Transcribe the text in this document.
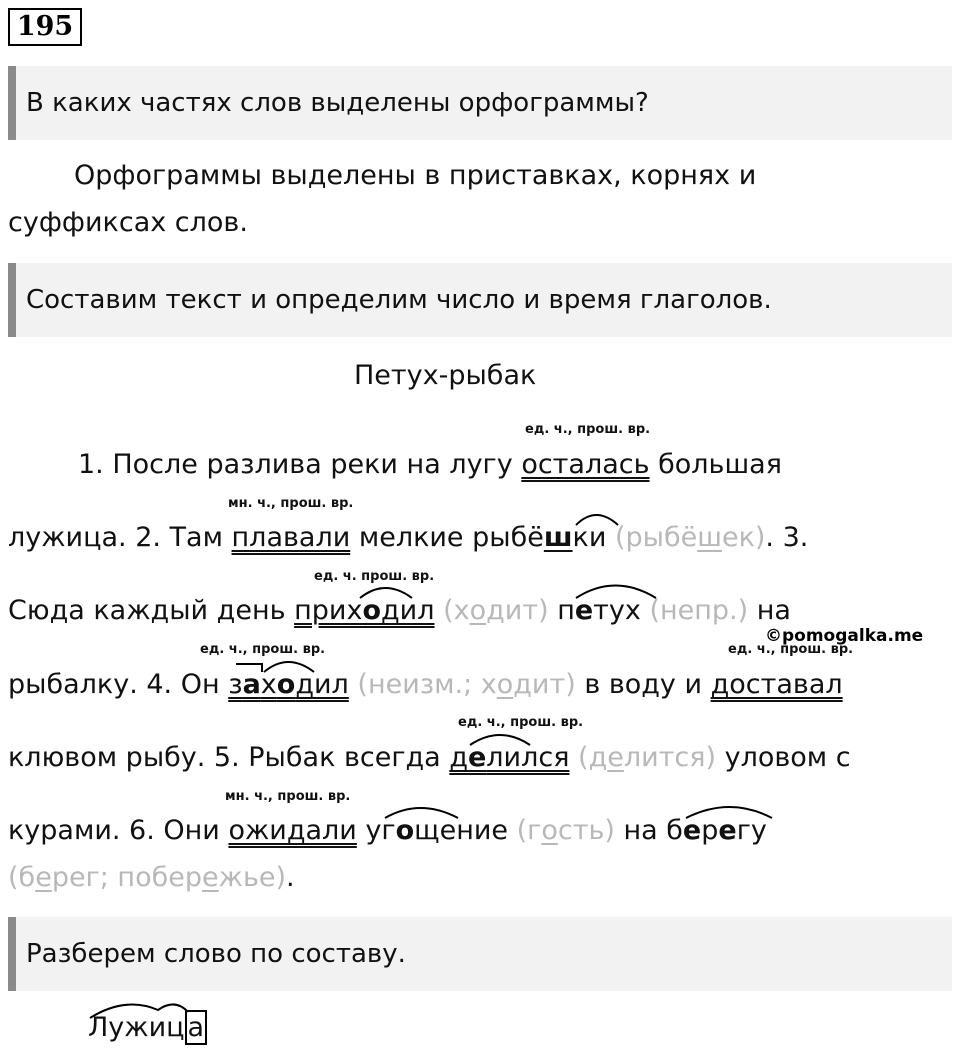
195
В каких частях слов выделены орфограммы?
Орфограммы выделены в приставках, корнях и
суффиксах слов.
Составим текст и определим число и время глаголов.
Петух-рыбак
ед. ч., прош. вр.
мн. ч., прош. вр.
ед. ч. прош. вр.
ед. ч., прош. вр.	ед. ч., прош. вр.
ед. ч., прош. вр.
мн. ч., прош. вр.
1. После разлива реки на лугу осталась большая
лужица. 2. Там плавали мелкие рыбёшки (рыбёшек). 3.
Сюда каждый день приходил (ходит) петух (непр.) на
рыбалку. 4. Он заходил (неизм.; ходит) в воду и доставал
клювом рыбу. 5. Рыбак всегда делился (делится) уловом с
курами. 6. Они ожидали угощение (гость) на берегу
(берег; побережье).
©pomogalka.me
Разберем слово по составу.
Лужиц а
